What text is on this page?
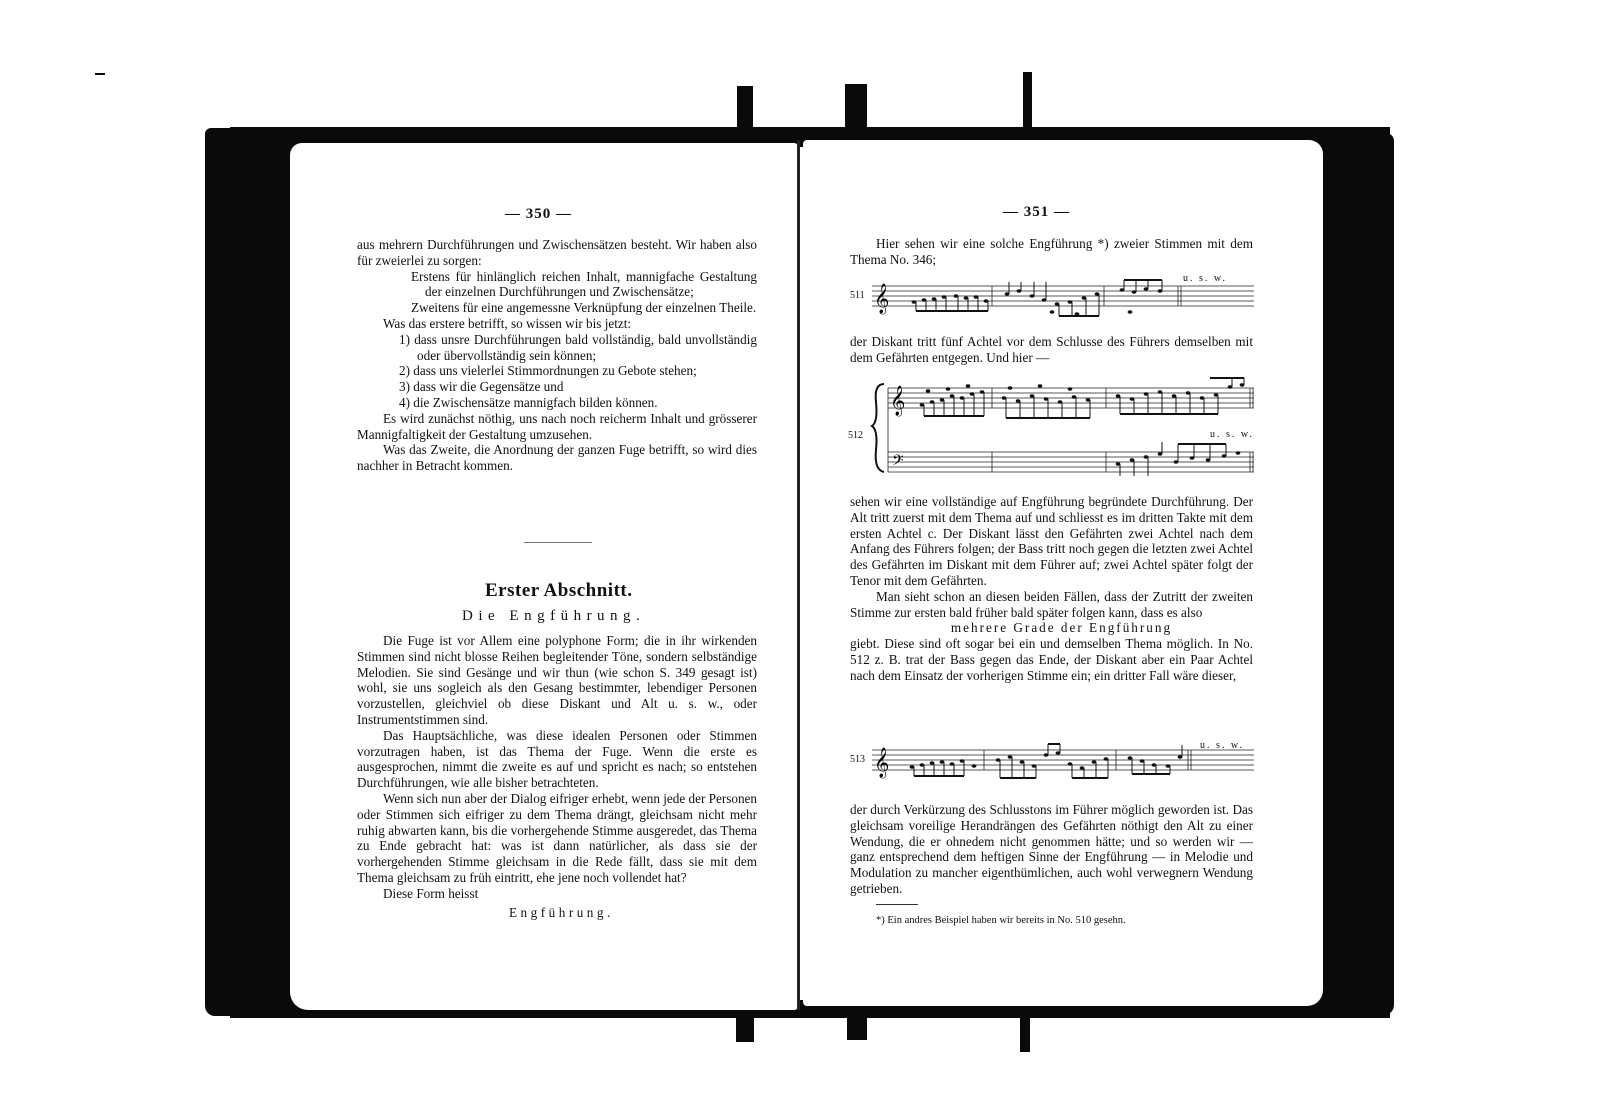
— 350 —

aus mehrern Durchführungen und Zwischensätzen besteht. Wir haben also für zweierlei zu sorgen:

Erstens für hinlänglich reichen Inhalt, mannigfache Gestaltung der einzelnen Durchführungen und Zwischensätze;

Zweitens für eine angemessne Verknüpfung der einzelnen Theile.

Was das erstere betrifft, so wissen wir bis jetzt:

1) dass unsre Durchführungen bald vollständig, bald unvollständig oder übervollständig sein können;

2) dass uns vielerlei Stimmordnungen zu Gebote stehen;

3) dass wir die Gegensätze und

4) die Zwischensätze mannigfach bilden können.

Es wird zunächst nöthig, uns nach noch reicherm Inhalt und grösserer Mannigfaltigkeit der Gestaltung umzusehen.

Was das Zweite, die Anordnung der ganzen Fuge betrifft, so wird dies nachher in Betracht kommen.

Erster Abschnitt.
Die Engführung.

Die Fuge ist vor Allem eine polyphone Form; die in ihr wirkenden Stimmen sind nicht blosse Reihen begleitender Töne, sondern selbständige Melodien. Sie sind Gesänge und wir thun (wie schon S. 349 gesagt ist) wohl, sie uns sogleich als den Gesang bestimmter, lebendiger Personen vorzustellen, gleichviel ob diese Diskant und Alt u. s. w., oder Instrumentstimmen sind.

Das Hauptsächliche, was diese idealen Personen oder Stimmen vorzutragen haben, ist das Thema der Fuge. Wenn die erste es ausgesprochen, nimmt die zweite es auf und spricht es nach; so entstehen Durchführungen, wie alle bisher betrachteten.

Wenn sich nun aber der Dialog eifriger erhebt, wenn jede der Personen oder Stimmen sich eifriger zu dem Thema drängt, gleichsam nicht mehr ruhig abwarten kann, bis die vorhergehende Stimme ausgeredet, das Thema zu Ende gebracht hat: was ist dann natürlicher, als dass sie der vorhergehenden Stimme gleichsam in die Rede fällt, dass sie mit dem Thema gleichsam zu früh eintritt, ehe jene noch vollendet hat?

Diese Form heisst

Engführung.

— 351 —

Hier sehen wir eine solche Engführung *) zweier Stimmen mit dem Thema No. 346;

511
u. s. w.
𝄞

der Diskant tritt fünf Achtel vor dem Schlusse des Führers demselben mit dem Gefährten entgegen. Und hier —

512	u. s. w.
𝄞
𝄢

sehen wir eine vollständige auf Engführung begründete Durchführung. Der Alt tritt zuerst mit dem Thema auf und schliesst es im dritten Takte mit dem ersten Achtel c. Der Diskant lässt den Gefährten zwei Achtel nach dem Anfang des Führers folgen; der Bass tritt noch gegen die letzten zwei Achtel des Gefährten im Diskant mit dem Führer auf; zwei Achtel später folgt der Tenor mit dem Gefährten.

Man sieht schon an diesen beiden Fällen, dass der Zutritt der zweiten Stimme zur ersten bald früher bald später folgen kann, dass es also

mehrere Grade der Engführung

giebt. Diese sind oft sogar bei ein und demselben Thema möglich. In No. 512 z. B. trat der Bass gegen das Ende, der Diskant aber ein Paar Achtel nach dem Einsatz der vorherigen Stimme ein; ein dritter Fall wäre dieser,

513
u. s. w.
𝄞

der durch Verkürzung des Schlusstons im Führer möglich geworden ist. Das gleichsam voreilige Herandrängen des Gefährten nöthigt den Alt zu einer Wendung, die er ohnedem nicht genommen hätte; und so werden wir — ganz entsprechend dem heftigen Sinne der Engführung — in Melodie und Modulation zu mancher eigenthümlichen, auch wohl verwegnern Wendung getrieben.

*) Ein andres Beispiel haben wir bereits in No. 510 gesehn.
